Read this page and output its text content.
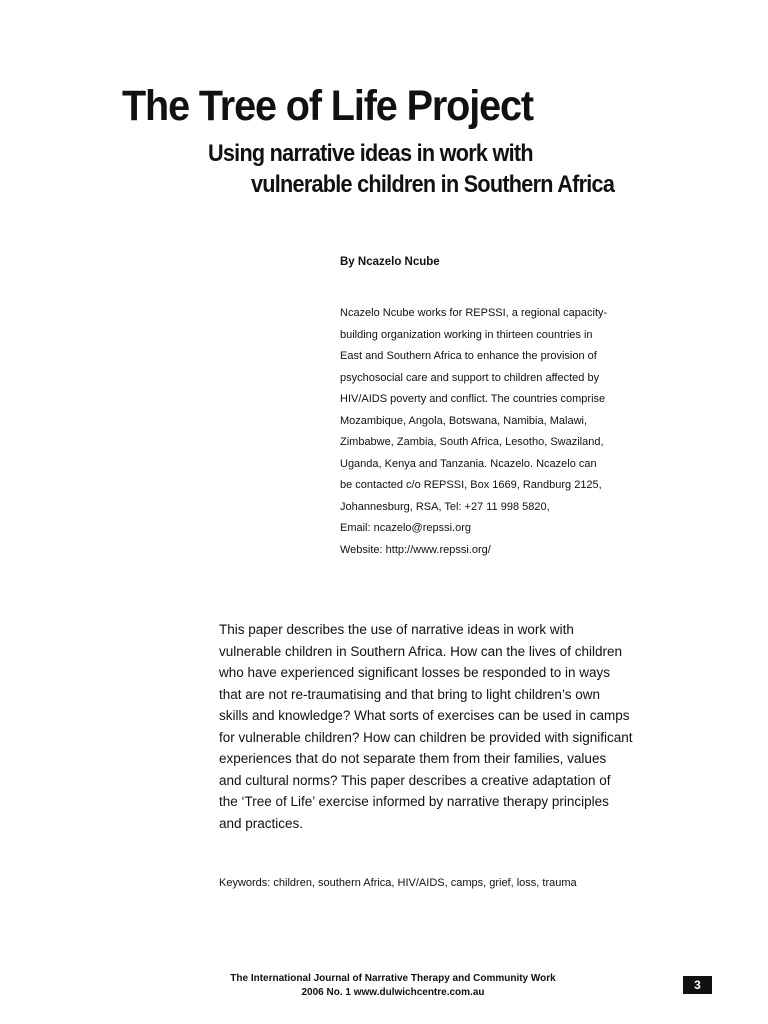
The Tree of Life Project
Using narrative ideas in work with
vulnerable children in Southern Africa
By Ncazelo Ncube
Ncazelo Ncube works for REPSSI, a regional capacity-
building organization working in thirteen countries in
East and Southern Africa to enhance the provision of
psychosocial care and support to children affected by
HIV/AIDS poverty and conflict. The countries comprise
Mozambique, Angola, Botswana, Namibia, Malawi,
Zimbabwe, Zambia, South Africa, Lesotho, Swaziland,
Uganda, Kenya and Tanzania. Ncazelo. Ncazelo can
be contacted c/o REPSSI, Box 1669, Randburg 2125,
Johannesburg, RSA, Tel: +27 11 998 5820,
Email: ncazelo@repssi.org
Website: http://www.repssi.org/
This paper describes the use of narrative ideas in work with
vulnerable children in Southern Africa. How can the lives of children
who have experienced significant losses be responded to in ways
that are not re-traumatising and that bring to light children’s own
skills and knowledge? What sorts of exercises can be used in camps
for vulnerable children? How can children be provided with significant
experiences that do not separate them from their families, values
and cultural norms? This paper describes a creative adaptation of
the ‘Tree of Life’ exercise informed by narrative therapy principles
and practices.
Keywords: children, southern Africa, HIV/AIDS, camps, grief, loss, trauma
The International Journal of Narrative Therapy and Community Work
2006 No. 1 www.dulwichcentre.com.au
3
